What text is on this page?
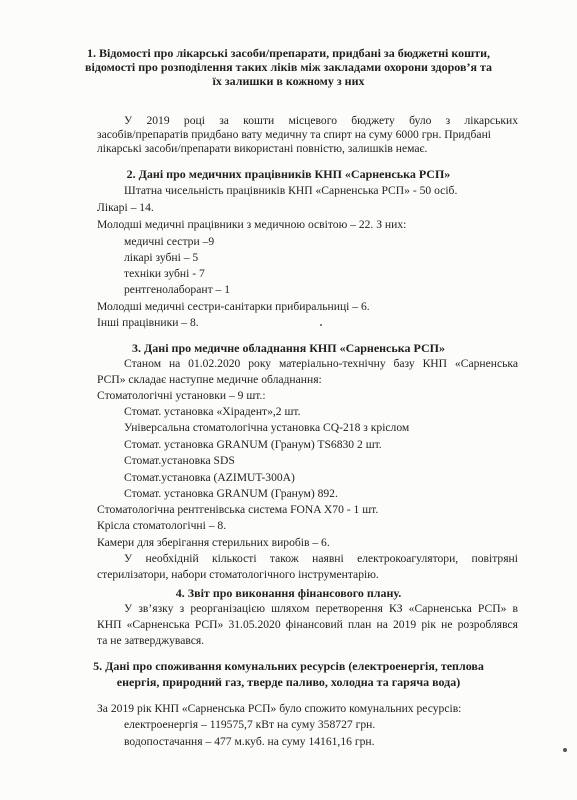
1. Відомості про лікарські засоби/препарати, придбані за бюджетні кошти,
відомості про розподілення таких ліків між закладами охорони здоров’я та
їх залишки в кожному з них
У 2019 році за кошти місцевого бюджету було з лікарських
засобів/препаратів придбано вату медичну та спирт на суму 6000 грн. Придбані
лікарські засоби/препарати використані повністю, залишків немає.
2. Дані про медичних працівників КНП «Сарненська РСП»
Штатна чисельність працівників КНП «Сарненська РСП» - 50 осіб.
Лікарі – 14.
Молодші медичні працівники з медичною освітою – 22. З них:
медичні сестри –9
лікарі зубні – 5
техніки зубні - 7
рентгенолаборант – 1
Молодші медичні сестри-санітарки прибиральниці – 6.
Інші працівники – 8.
3. Дані про медичне обладнання КНП «Сарненська РСП»
Станом на 01.02.2020 року матеріально-технічну базу КНП «Сарненська
РСП» складає наступне медичне обладнання:
Стоматологічні установки – 9 шт.:
Стомат. установка «Хірадент»,2 шт.
Універсальна стоматологічна установка CQ-218 з кріслом
Стомат. установка GRANUM (Гранум) TS6830 2 шт.
Стомат.установка SDS
Стомат.установка (AZIMUT-300A)
Стомат. установка GRANUM (Гранум) 892.
Стоматологічна рентгенівська система FONA X70 - 1 шт.
Крісла стоматологічні – 8.
Камери для зберігання стерильних виробів – 6.
У необхідній кількості також наявні електрокоагулятори, повітряні
стерилізатори, набори стоматологічного інструментарію.
4. Звіт про виконання фінансового плану.
У зв’язку з реорганізацією шляхом перетворення КЗ «Сарненська РСП» в
КНП «Сарненська РСП» 31.05.2020 фінансовий план на 2019 рік не розроблявся
та не затверджувався.
5. Дані про споживання комунальних ресурсів (електроенергія, теплова
енергія, природний газ, тверде паливо, холодна та гаряча вода)
За 2019 рік КНП «Сарненська РСП» було спожито комунальних ресурсів:
електроенергія – 119575,7 кВт на суму 358727 грн.
водопостачання – 477 м.куб. на суму 14161,16 грн.
